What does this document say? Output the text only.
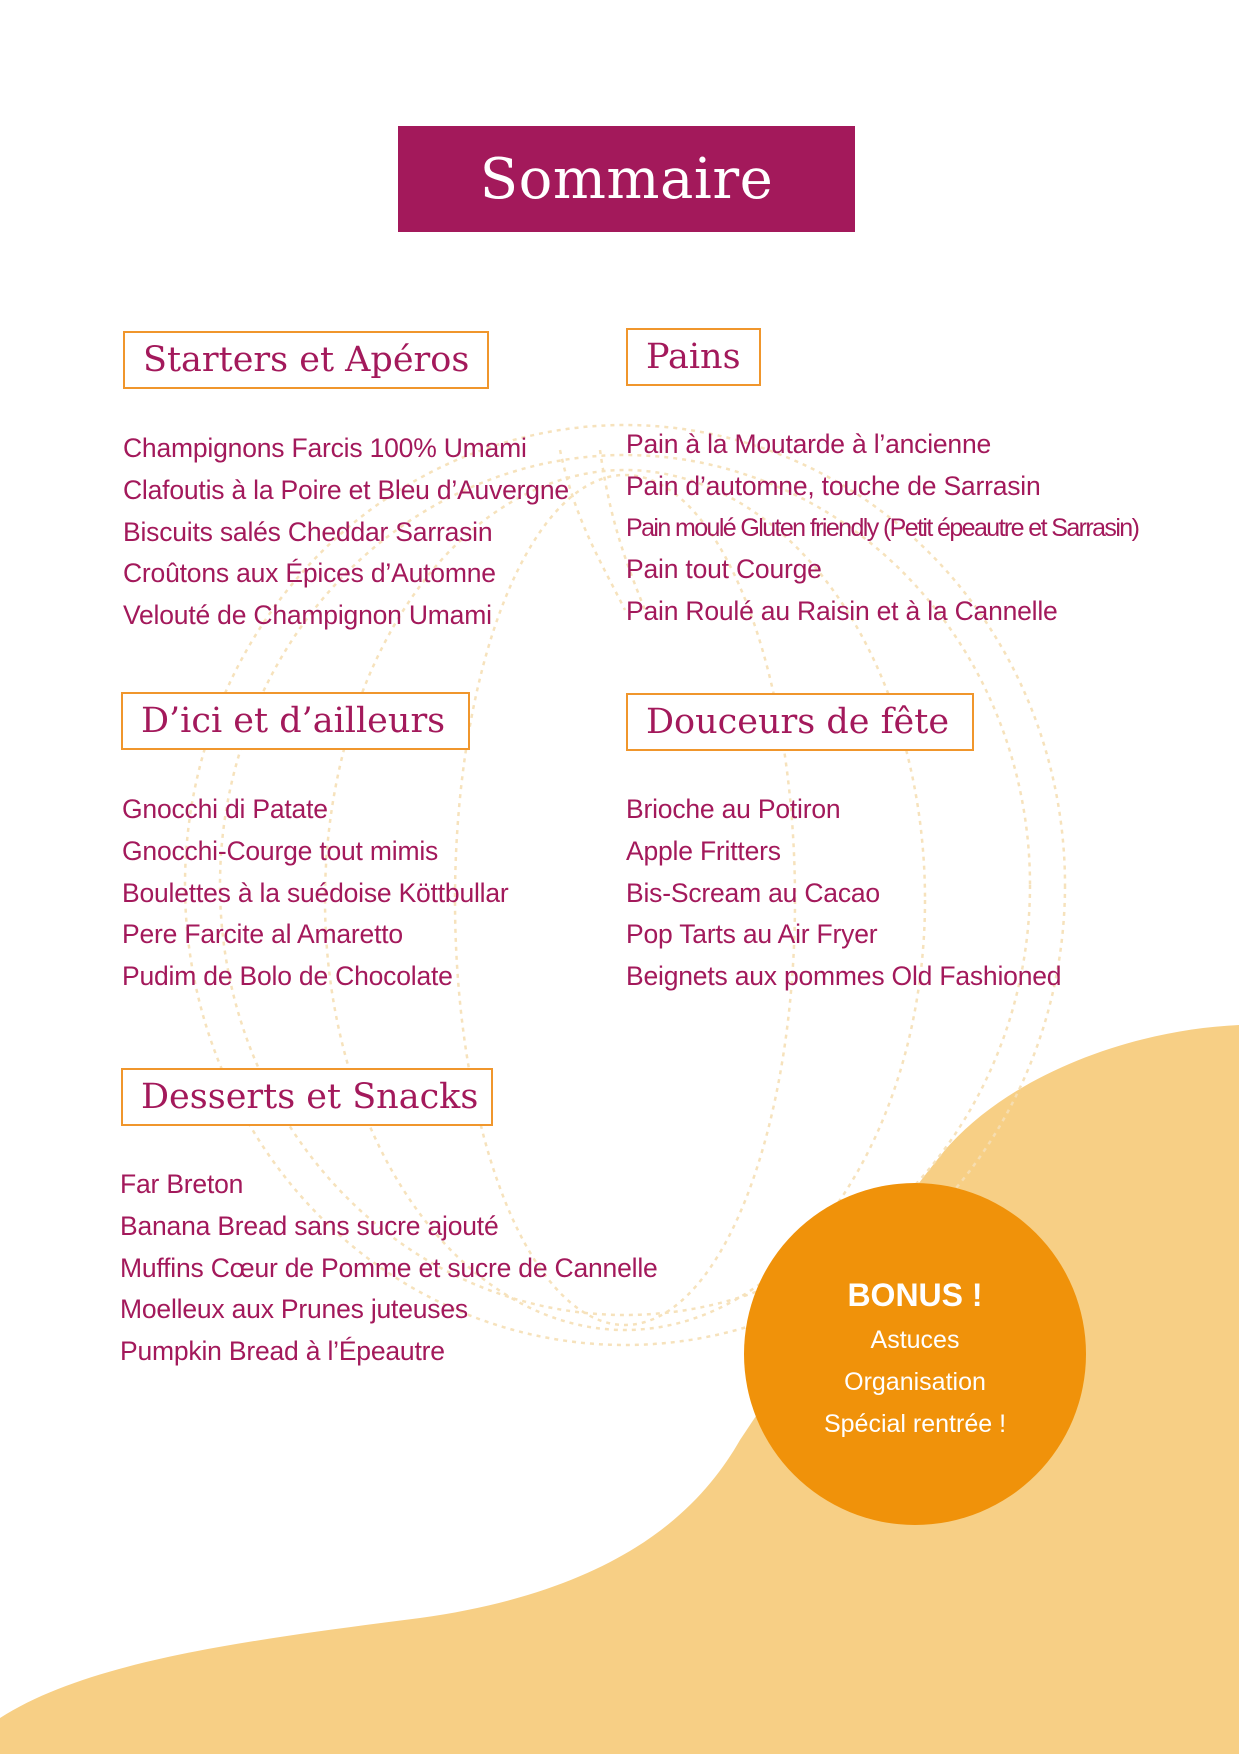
Sommaire
Starters et Apéros
Champignons Farcis 100% Umami
Clafoutis à la Poire et Bleu d’Auvergne
Biscuits salés Cheddar Sarrasin
Croûtons aux Épices d’Automne
Velouté de Champignon Umami
Pains
Pain à la Moutarde à l’ancienne
Pain d’automne, touche de Sarrasin
Pain moulé Gluten friendly (Petit épeautre et Sarrasin)
Pain tout Courge
Pain Roulé au Raisin et à la Cannelle
D’ici et d’ailleurs
Gnocchi di Patate
Gnocchi-Courge tout mimis
Boulettes à la suédoise Köttbullar
Pere Farcite al Amaretto
Pudim de Bolo de Chocolate
Douceurs de fête
Brioche au Potiron
Apple Fritters
Bis-Scream au Cacao
Pop Tarts au Air Fryer
Beignets aux pommes Old Fashioned
Desserts et Snacks
Far Breton
Banana Bread sans sucre ajouté
Muffins Cœur de Pomme et sucre de Cannelle
Moelleux aux Prunes juteuses
Pumpkin Bread à l’Épeautre
BONUS !
Astuces
Organisation
Spécial rentrée !
